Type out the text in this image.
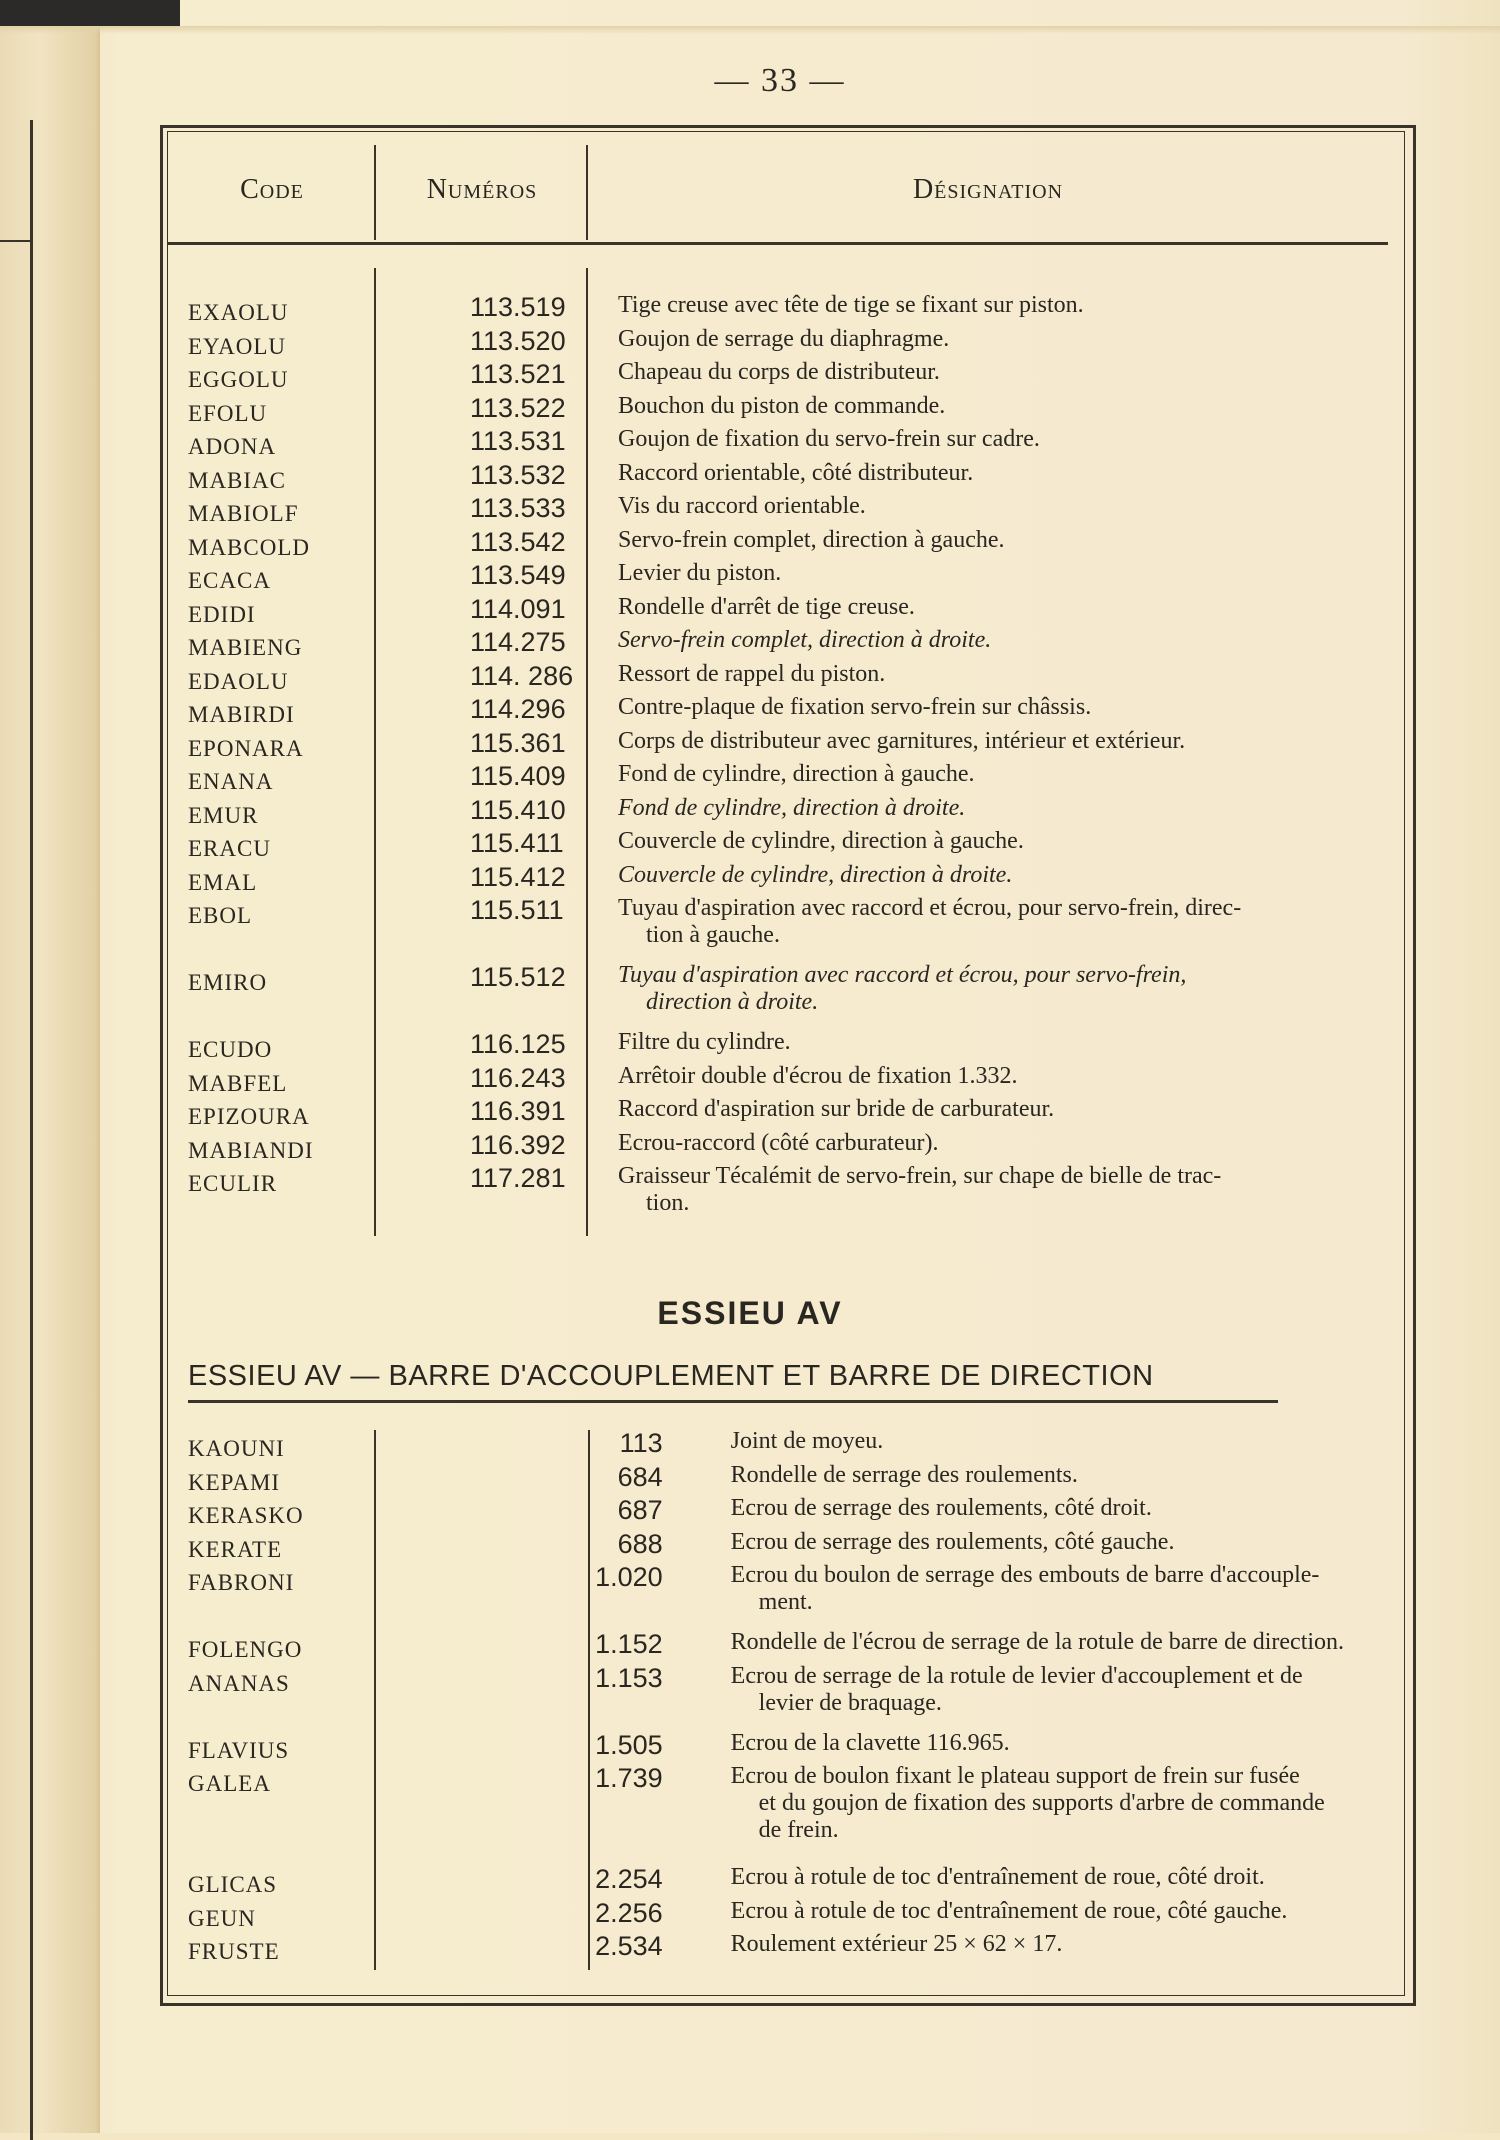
— 33 —
Code	Numéros	Désignation
EXAOLU	113.519	Tige creuse avec tête de tige se fixant sur piston.
EYAOLU	113.520	Goujon de serrage du diaphragme.
EGGOLU	113.521	Chapeau du corps de distributeur.
EFOLU	113.522	Bouchon du piston de commande.
ADONA	113.531	Goujon de fixation du servo-frein sur cadre.
MABIAC	113.532	Raccord orientable, côté distributeur.
MABIOLF	113.533	Vis du raccord orientable.
MABCOLD	113.542	Servo-frein complet, direction à gauche.
ECACA	113.549	Levier du piston.
EDIDI	114.091	Rondelle d'arrêt de tige creuse.
MABIENG	114.275	Servo-frein complet, direction à droite.
EDAOLU	114. 286	Ressort de rappel du piston.
MABIRDI	114.296	Contre-plaque de fixation servo-frein sur châssis.
EPONARA	115.361	Corps de distributeur avec garnitures, intérieur et extérieur.
ENANA	115.409	Fond de cylindre, direction à gauche.
EMUR	115.410	Fond de cylindre, direction à droite.
ERACU	115.411	Couvercle de cylindre, direction à gauche.
EMAL	115.412	Couvercle de cylindre, direction à droite.
EBOL	115.511	Tuyau d'aspiration avec raccord et écrou, pour servo-frein, direc-
tion à gauche.
EMIRO	115.512	Tuyau d'aspiration avec raccord et écrou, pour servo-frein,
direction à droite.
ECUDO	116.125	Filtre du cylindre.
MABFEL	116.243	Arrêtoir double d'écrou de fixation 1.332.
EPIZOURA	116.391	Raccord d'aspiration sur bride de carburateur.
MABIANDI	116.392	Ecrou-raccord (côté carburateur).
ECULIR	117.281	Graisseur Técalémit de servo-frein, sur chape de bielle de trac-
tion.
ESSIEU AV
ESSIEU AV — BARRE D'ACCOUPLEMENT ET BARRE DE DIRECTION
KAOUNI	113	Joint de moyeu.
KEPAMI	684	Rondelle de serrage des roulements.
KERASKO	687	Ecrou de serrage des roulements, côté droit.
KERATE	688	Ecrou de serrage des roulements, côté gauche.
FABRONI	1.020	Ecrou du boulon de serrage des embouts de barre d'accouple-
ment.
FOLENGO	1.152	Rondelle de l'écrou de serrage de la rotule de barre de direction.
ANANAS	1.153	Ecrou de serrage de la rotule de levier d'accouplement et de
levier de braquage.
FLAVIUS	1.505	Ecrou de la clavette 116.965.
GALEA	1.739	Ecrou de boulon fixant le plateau support de frein sur fusée
et du goujon de fixation des supports d'arbre de commande
de frein.
GLICAS	2.254	Ecrou à rotule de toc d'entraînement de roue, côté droit.
GEUN	2.256	Ecrou à rotule de toc d'entraînement de roue, côté gauche.
FRUSTE	2.534	Roulement extérieur 25 × 62 × 17.
